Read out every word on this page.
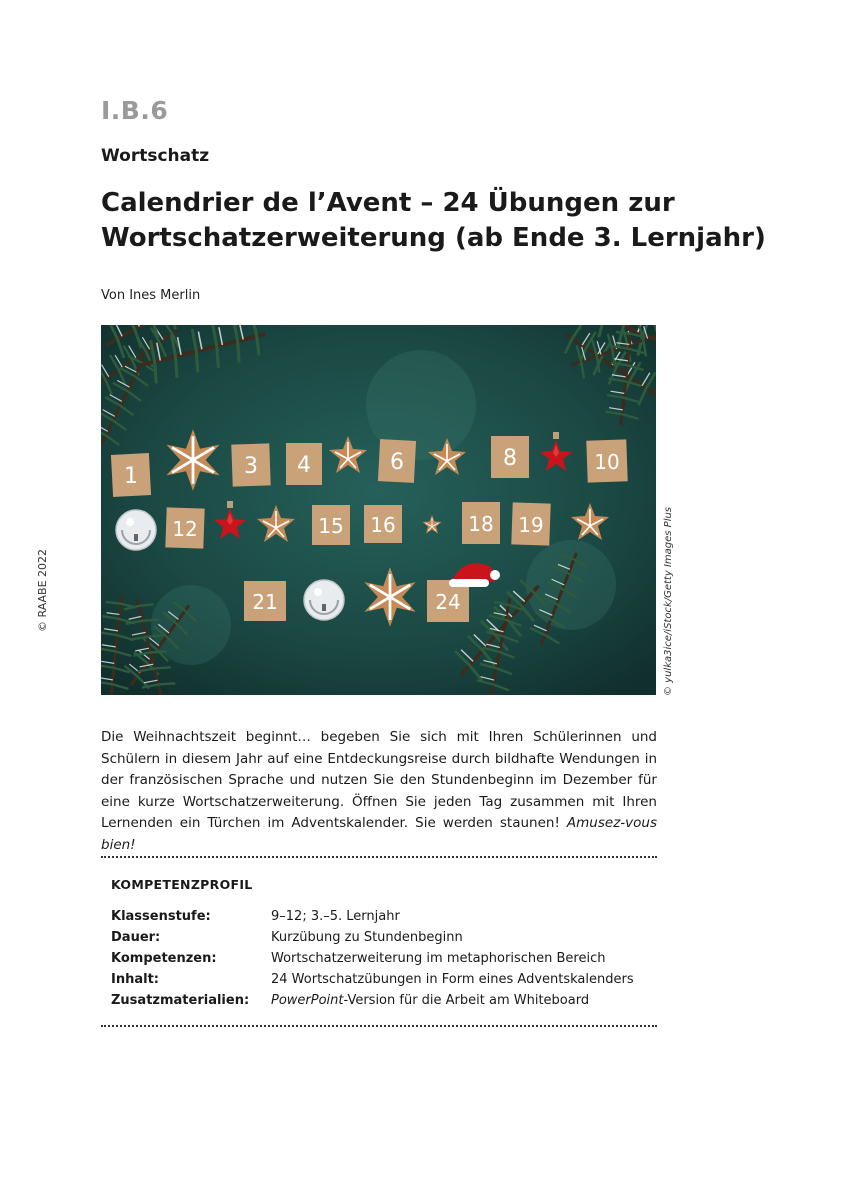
I.B.6
Wortschatz
Calendrier de l’Avent – 24 Übungen zur
Wortschatzerweiterung (ab Ende 3. Lernjahr)
Von Ines Merlin
© RAABE 2022
1	3 4	6	8	10
12	15 16	18 19
21	24	© yulka3ice/iStock/Getty Images Plus

Die Weihnachtszeit beginnt… begeben Sie sich mit Ihren Schülerinnen und Schülern in diesem Jahr auf eine Entdeckungsreise durch bildhafte Wendungen in der französischen Sprache und nutzen Sie den Stundenbeginn im Dezember für eine kurze Wortschatzerweiterung. Öffnen Sie jeden Tag zusammen mit Ihren Lernenden ein Türchen im Adventskalender. Sie werden staunen! Amusez-vous bien!

KOMPETENZPROFIL
Klassenstufe:	9–12; 3.–5. Lernjahr
Dauer:	Kurzübung zu Stundenbeginn
Kompetenzen:	Wortschatzerweiterung im metaphorischen Bereich
Inhalt:	24 Wortschatzübungen in Form eines Adventskalenders
Zusatzmaterialien:	PowerPoint-Version für die Arbeit am Whiteboard
